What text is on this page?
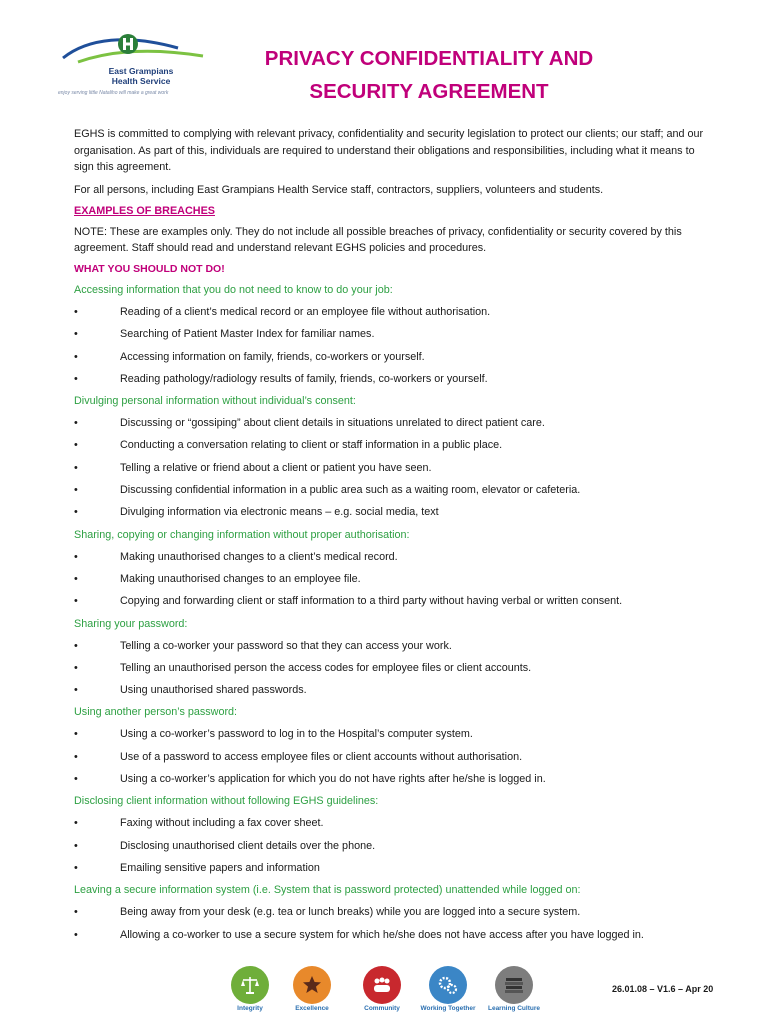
East Grampians
Health Service
enjoy serving little Nataliho will make a great work
PRIVACY CONFIDENTIALITY AND
SECURITY AGREEMENT

EGHS is committed to complying with relevant privacy, confidentiality and security legislation to protect our clients; our staff; and our organisation. As part of this, individuals are required to understand their obligations and responsibilities, including what it means to sign this agreement.

For all persons, including East Grampians Health Service staff, contractors, suppliers, volunteers and students.

EXAMPLES OF BREACHES

NOTE: These are examples only. They do not include all possible breaches of privacy, confidentiality or security covered by this agreement. Staff should read and understand relevant EGHS policies and procedures.

WHAT YOU SHOULD NOT DO!
Accessing information that you do not need to know to do your job:
•	Reading of a client’s medical record or an employee file without authorisation.
•	Searching of Patient Master Index for familiar names.
•	Accessing information on family, friends, co-workers or yourself.
•	Reading pathology/radiology results of family, friends, co-workers or yourself.
Divulging personal information without individual’s consent:
•	Discussing or “gossiping” about client details in situations unrelated to direct patient care.
•	Conducting a conversation relating to client or staff information in a public place.
•	Telling a relative or friend about a client or patient you have seen.
•	Discussing confidential information in a public area such as a waiting room, elevator or cafeteria.
•	Divulging information via electronic means – e.g. social media, text
Sharing, copying or changing information without proper authorisation:
•	Making unauthorised changes to a client’s medical record.
•	Making unauthorised changes to an employee file.
•	Copying and forwarding client or staff information to a third party without having verbal or written consent.
Sharing your password:
•	Telling a co-worker your password so that they can access your work.
•	Telling an unauthorised person the access codes for employee files or client accounts.
•	Using unauthorised shared passwords.
Using another person’s password:
•	Using a co-worker’s password to log in to the Hospital’s computer system.
•	Use of a password to access employee files or client accounts without authorisation.
•	Using a co-worker’s application for which you do not have rights after he/she is logged in.
Disclosing client information without following EGHS guidelines:
•	Faxing without including a fax cover sheet.
•	Disclosing unauthorised client details over the phone.
•	Emailing sensitive papers and information
Leaving a secure information system (i.e. System that is password protected) unattended while logged on:
•	Being away from your desk (e.g. tea or lunch breaks) while you are logged into a secure system.
•	Allowing a co-worker to use a secure system for which he/she does not have access after you have logged in.
Integrity	Excellence	Community	Working Together	Learning Culture
26.01.08 – V1.6 – Apr 20
